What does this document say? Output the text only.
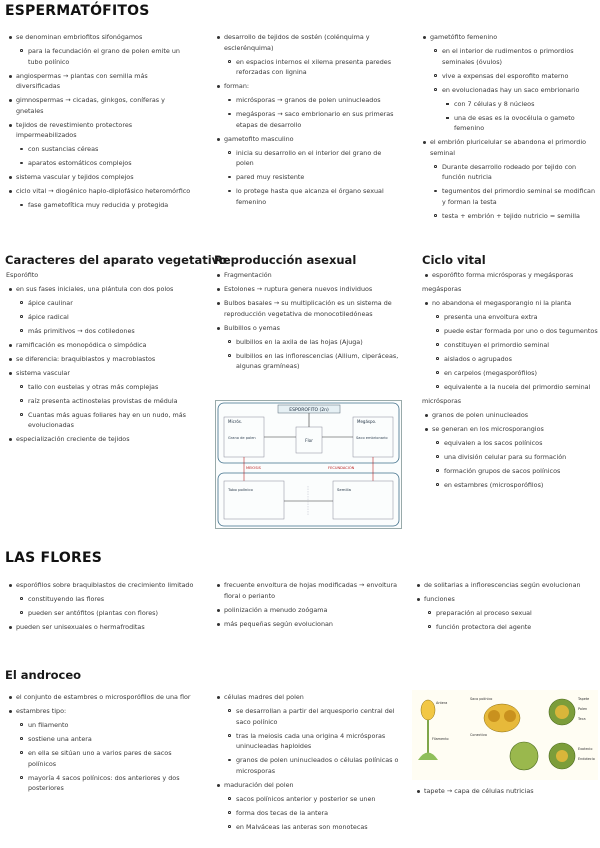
ESPERMATÓFITOS
se denominan embriofitos sifonógamos
para la fecundación el grano de polen emite un tubo polínico
angiospermas → plantas con semilla más diversificadas
gimnospermas → cicadas, ginkgos, coníferas y gnetales
tejidos de revestimiento protectores impermeabilizados
con sustancias céreas
aparatos estomáticos complejos
sistema vascular y tejidos complejos
ciclo vital → diogénico haplo-diplofásico heteromórfico
fase gametofítica muy reducida y protegida
desarrollo de tejidos de sostén (colénquima y esclerénquima)
en espacios internos el xilema presenta paredes reforzadas con lignina
forman:
micrósporas → granos de polen uninucleados
megásporas → saco embrionario en sus primeras etapas de desarrollo
gametofito masculino
inicia su desarrollo en el interior del grano de polen
pared muy resistente
lo protege hasta que alcanza el órgano sexual femenino
gametófito femenino
en el interior de rudimentos o primordios seminales (óvulos)
vive a expensas del esporofito materno
en evolucionadas hay un saco embrionario
con 7 células y 8 núcleos
una de esas es la ovocélula o gameto femenino
el embrión pluricelular se abandona el primordio seminal
Durante desarrollo rodeado por tejido con función nutricia
tegumentos del primordio seminal se modifican y forman la testa
testa + embrión + tejido nutricio = semilla
Caracteres del aparato vegetativo
Esporófito
en sus fases iniciales, una plántula con dos polos
ápice caulinar
ápice radical
más primitivos → dos cotiledones
ramificación es monopódica o simpódica
se diferencia: braquiblastos y macroblastos
sistema vascular
tallo con eustelas y otras más complejas
raíz presenta actinostelas provistas de médula
Cuantas más aguas foliares hay en un nudo, más evolucionadas
especialización creciente de tejidos
Reproducción asexual
Fragmentación
Estolones → ruptura genera nuevos individuos
Bulbos basales → su multiplicación es un sistema de reproducción vegetativa de monocotiledóneas
Bulbillos o yemas
bulbillos en la axila de las hojas (Ajuga)
bulbillos en las inflorescencias (Allium, ciperáceas, algunas gramíneas)
ESPOROFITO (2n)
Micrós.	Megáspo.
Grano de polen	Saco embrionario
Flor
MEIOSIS	FECUNDACIÓN
Tubo polínico	Semilla
Ciclo vital
esporófito forma micrósporas y megásporas
megásporas
no abandona el megasporangio ni la planta
presenta una envoltura extra
puede estar formada por uno o dos tegumentos
constituyen el primordio seminal
aislados o agrupados
en carpelos (megasporófilos)
equivalente a la nucela del primordio seminal
micrósporas
granos de polen uninucleados
se generan en los microsporangios
equivalen a los sacos polínicos
una división celular para su formación
formación grupos de sacos polínicos
en estambres (microsporófilos)
LAS FLORES
esporófilos sobre braquiblastos de crecimiento limitado
constituyendo las flores
pueden ser antófitos (plantas con flores)
pueden ser unisexuales o hermafroditas
frecuente envoltura de hojas modificadas → envoltura floral o perianto
polinización a menudo zoógama
más pequeñas según evolucionan
de solitarias a inflorescencias según evolucionan
funciones
preparación al proceso sexual
función protectora del agente
El androceo
el conjunto de estambres o microsporófilos de una flor
estambres tipo:
un filamento
sostiene una antera
en ella se sitúan uno a varios pares de sacos polínicos
mayoría 4 sacos polínicos: dos anteriores y dos posteriores
células madres del polen
se desarrollan a partir del arquesporio central del saco polínico
tras la meiosis cada una origina 4 micrósporas uninucleadas haploides
granos de polen uninucleados o células polínicas o microsporas
maduración del polen
sacos polínicos anterior y posterior se unen
forma dos tecas de la antera
en Malváceas las anteras son monotecas
Antera
Filamento
Saco polínico
Conectivo
Tapete
Polen
Teca
Exotecio
Endotecio
tapete → capa de células nutricias
